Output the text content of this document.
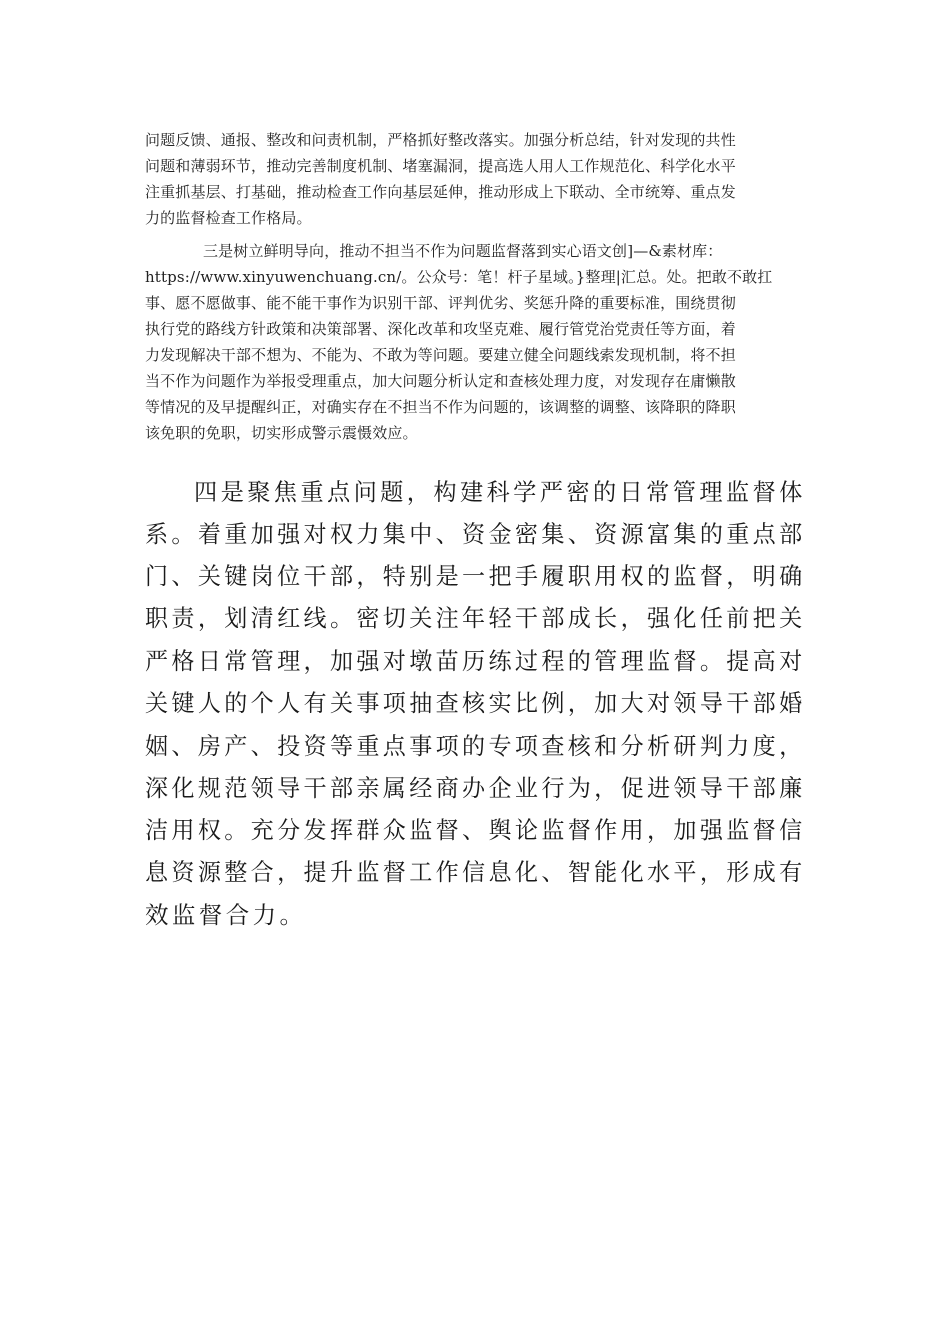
问题反馈、通报、整改和问责机制，严格抓好整改落实。加强分析总结，针对发现的共性
问题和薄弱环节，推动完善制度机制、堵塞漏洞，提高选人用人工作规范化、科学化水平
注重抓基层、打基础，推动检查工作向基层延伸，推动形成上下联动、全市统筹、重点发
力的监督检查工作格局。
三是树立鲜明导向，推动不担当不作为问题监督落到实心语文创]—&素材库：
https://www.xinyuwenchuang.cn/。公众号：笔！杆子星域。}整理|汇总。处。把敢不敢扛
事、愿不愿做事、能不能干事作为识别干部、评判优劣、奖惩升降的重要标准，围绕贯彻
执行党的路线方针政策和决策部署、深化改革和攻坚克难、履行管党治党责任等方面，着
力发现解决干部不想为、不能为、不敢为等问题。要建立健全问题线索发现机制，将不担
当不作为问题作为举报受理重点，加大问题分析认定和查核处理力度，对发现存在庸懒散
等情况的及早提醒纠正，对确实存在不担当不作为问题的，该调整的调整、该降职的降职
该免职的免职，切实形成警示震慑效应。
四是聚焦重点问题，构建科学严密的日常管理监督体
系。着重加强对权力集中、资金密集、资源富集的重点部
门、关键岗位干部，特别是一把手履职用权的监督，明确
职责，划清红线。密切关注年轻干部成长，强化任前把关
严格日常管理，加强对墩苗历练过程的管理监督。提高对
关键人的个人有关事项抽查核实比例，加大对领导干部婚
姻、房产、投资等重点事项的专项查核和分析研判力度，
深化规范领导干部亲属经商办企业行为，促进领导干部廉
洁用权。充分发挥群众监督、舆论监督作用，加强监督信
息资源整合，提升监督工作信息化、智能化水平，形成有
效监督合力。
